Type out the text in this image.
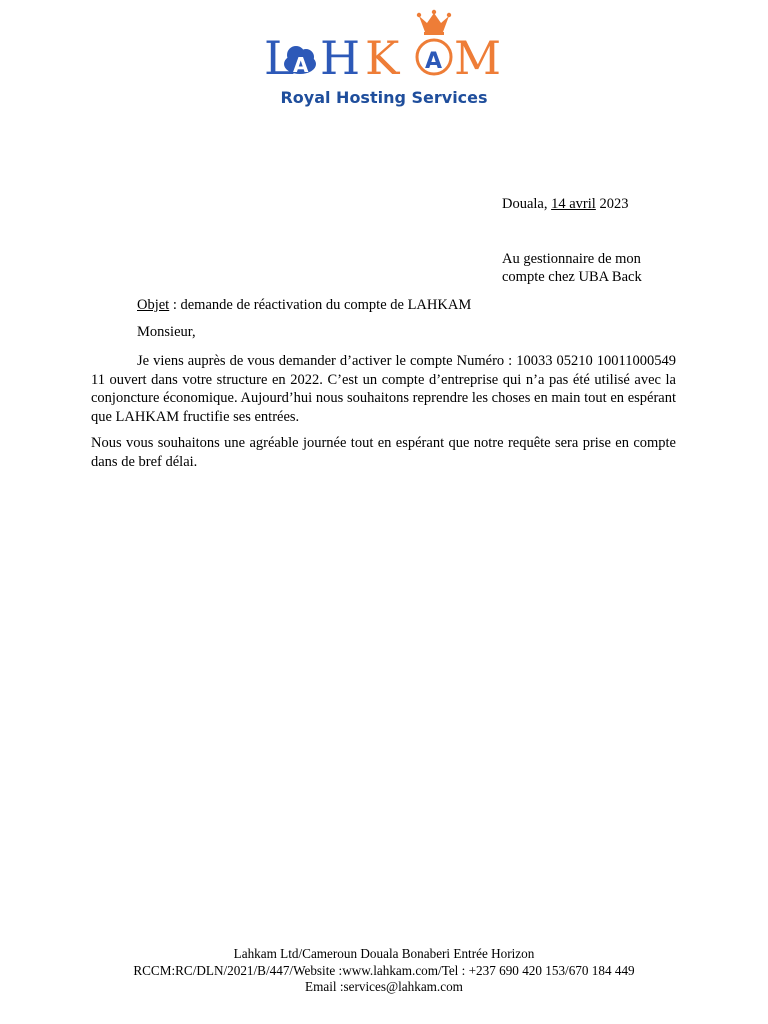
L
A H K A M
Royal Hosting Services
Douala, 14 avril 2023
Au gestionnaire de mon
compte chez UBA Back
Objet : demande de réactivation du compte de LAHKAM
Monsieur,
Je viens auprès de vous demander d’activer le compte Numéro : 10033 05210 10011000549 11 ouvert dans votre structure en 2022. C’est un compte d’entreprise qui n’a pas été utilisé avec la conjoncture économique. Aujourd’hui nous souhaitons reprendre les choses en main tout en espérant que LAHKAM fructifie ses entrées.
Nous vous souhaitons une agréable journée tout en espérant que notre requête sera prise en compte dans de bref délai.
Lahkam Ltd/Cameroun Douala Bonaberi Entrée Horizon
RCCM:RC/DLN/2021/B/447/Website :www.lahkam.com/Tel : +237 690 420 153/670 184 449
Email :services@lahkam.com
